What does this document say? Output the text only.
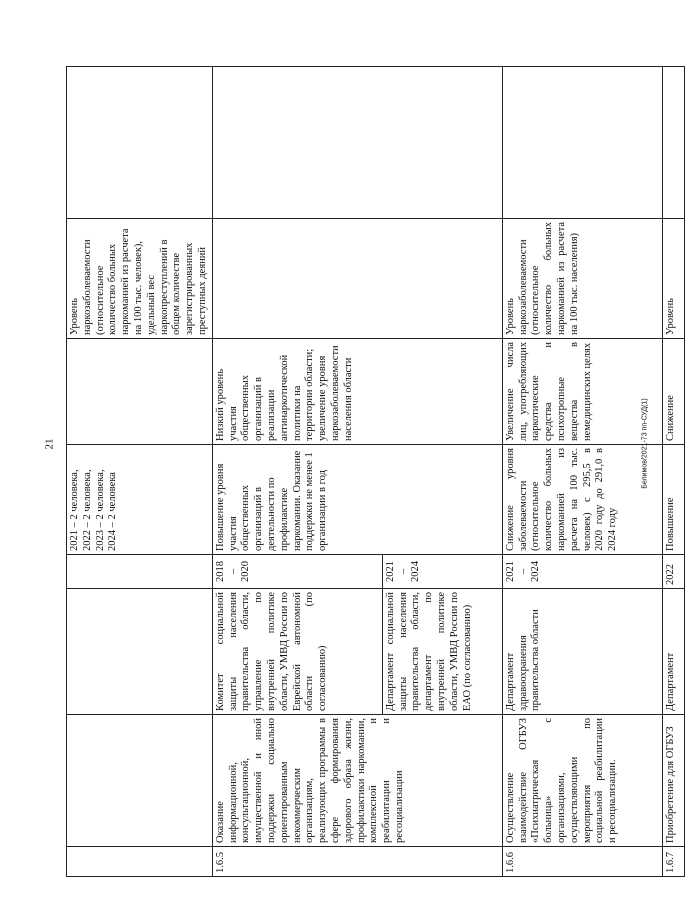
21	Белимов/2021-73 пп-СУД(1)
				2021 – 2 человека,
2022 – 2 человека,
2023 – 2 человека,
2024 – 2 человека		Уровень наркозаболеваемости (относительное количество больных наркоманией из расчета на 100 тыс. человек), удельный вес наркопреступлений в общем количестве зарегистрированных преступных деяний	
1.6.5	Оказание информационной, консультационной, имущественной и иной поддержки социально ориентированным некоммерческим организациям, реализующих программы в сфере формирования здорового образа жизни, профилактики наркомании, комплексной и реабилитации и ресоциализации	Комитет социальной защиты населения правительства области, управление по внутренней политике области, УМВД России по Еврейской автономной области (по согласованию)	2018 – 2020	Повышение уровня участия общественных организаций в деятельности по профилактике наркомании. Оказание поддержки не менее 1 организации в год	Низкий уровень участия общественных организаций в реализации антинаркотической политики на территории области; увеличение уровня наркозаболеваемости населения области		
		Департамент социальной защиты населения правительства области, департамент по внутренней политике области, УМВД России по ЕАО (по согласованию)	2021 – 2024				
1.6.6	Осуществление взаимодействие ОГБУЗ «Психиатрическая больница» с организациями, осуществляющими мероприятия по социальной реабилитации и ресоциализации.	Департамент здравоохранения правительства области	2021 – 2024	Снижение уровня заболеваемости (относительное количество больных наркоманией из расчета на 100 тыс. человек) с 295,5 в 2020 году до 291,0 в 2024 году	Увеличение числа лиц, употребляющих наркотические средства и психотропные вещества в немедицинских целях	Уровень наркозаболеваемости (относительное количество больных наркоманией из расчета на 100 тыс. населения)	
1.6.7	Приобретение для ОГБУЗ	Департамент	2022	Повышение	Снижение	Уровень	
